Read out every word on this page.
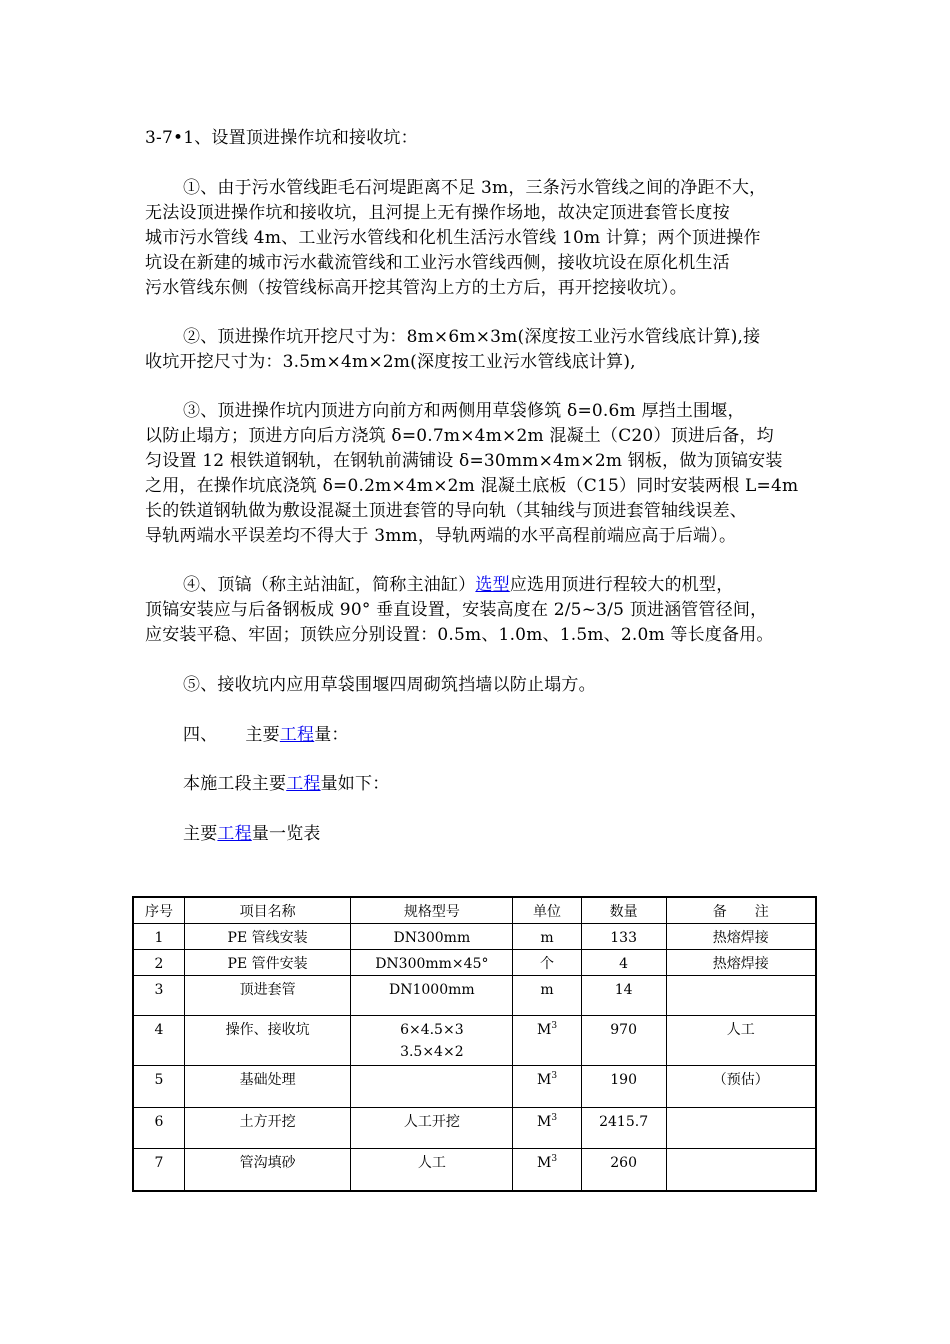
3-7•1、设置顶进操作坑和接收坑：
①、由于污水管线距毛石河堤距离不足 3m，三条污水管线之间的净距不大，
无法设顶进操作坑和接收坑，且河提上无有操作场地，故决定顶进套管长度按
城市污水管线 4m、工业污水管线和化机生活污水管线 10m 计算；两个顶进操作
坑设在新建的城市污水截流管线和工业污水管线西侧，接收坑设在原化机生活
污水管线东侧（按管线标高开挖其管沟上方的土方后，再开挖接收坑）。
②、顶进操作坑开挖尺寸为：8m×6m×3m(深度按工业污水管线底计算),接
收坑开挖尺寸为：3.5m×4m×2m(深度按工业污水管线底计算),
③、顶进操作坑内顶进方向前方和两侧用草袋修筑 δ=0.6m 厚挡土围堰，
以防止塌方；顶进方向后方浇筑 δ=0.7m×4m×2m 混凝土（C20）顶进后备，均
匀设置 12 根铁道钢轨，在钢轨前满铺设 δ=30mm×4m×2m 钢板，做为顶镐安装
之用，在操作坑底浇筑 δ=0.2m×4m×2m 混凝土底板（C15）同时安装两根 L=4m
长的铁道钢轨做为敷设混凝土顶进套管的导向轨（其轴线与顶进套管轴线误差、
导轨两端水平误差均不得大于 3mm，导轨两端的水平高程前端应高于后端）。
④、顶镐（称主站油缸，简称主油缸）选型应选用顶进行程较大的机型，
顶镐安装应与后备钢板成 90° 垂直设置，安装高度在 2/5~3/5 顶进涵管管径间，
应安装平稳、牢固；顶铁应分别设置：0.5m、1.0m、1.5m、2.0m 等长度备用。
⑤、接收坑内应用草袋围堰四周砌筑挡墙以防止塌方。
四、 主要工程量：
本施工段主要工程量如下：
主要工程量一览表
序号	项目名称	规格型号	单位	数量	备　　注
1	PE 管线安装	DN300mm	m	133	热熔焊接
2	PE 管件安装	DN300mm×45°	个	4	热熔焊接
3	顶进套管	DN1000mm	m	14	
4	操作、接收坑	6×4.5×3
3.5×4×2	$M^3$	970	人工
5	基础处理		$M^3$	190	（预估）
6	土方开挖	人工开挖	$M^3$	2415.7	
7	管沟填砂	人工	$M^3$	260	
